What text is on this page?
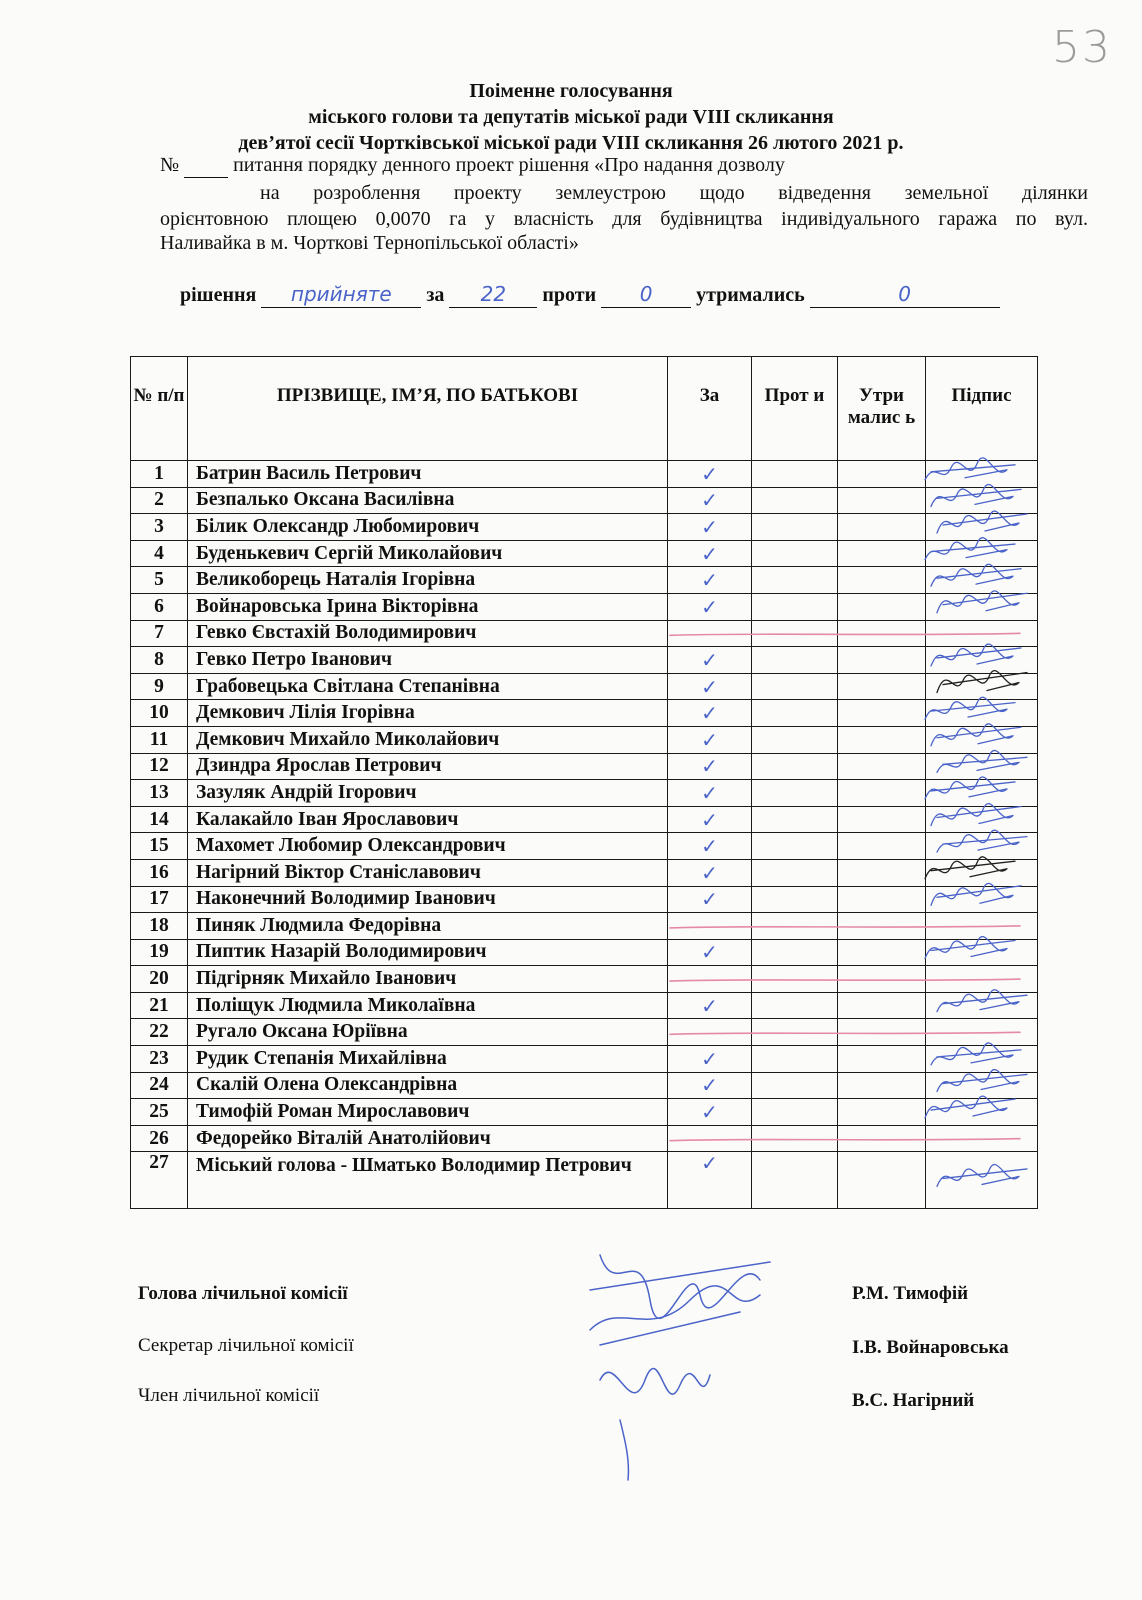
53
Поіменне голосування
міського голови та депутатів міської ради VIII скликання
дев’ятої сесії Чортківської міської ради VIII скликання 26 лютого 2021 р.
№	питання порядку денного проект рішення «Про надання дозволу
на розроблення проекту землеустрою щодо відведення земельної ділянки
орієнтовною площею 0,0070 га у власність для будівництва індивідуального гаража по вул.
Наливайка в м. Чорткові Тернопільської області»
рішення прийняте за 22 проти 0 утримались	0
№ п/п	ПРІЗВИЩЕ, ІМ’Я, ПО БАТЬКОВІ	За	Прот и	Утри малис ь	Підпис
1	Батрин Василь Петрович	✓			
2	Безпалько Оксана Василівна	✓			
3	Білик Олександр Любомирович	✓			
4	Буденькевич Сергій Миколайович	✓			
5	Великоборець Наталія Ігорівна	✓			
6	Войнаровська Ірина Вікторівна	✓			
7	Гевко Євстахій Володимирович				
8	Гевко Петро Іванович	✓			
9	Грабовецька Світлана Степанівна	✓			
10	Демкович Лілія Ігорівна	✓			
11	Демкович Михайло Миколайович	✓			
12	Дзиндра Ярослав Петрович	✓			
13	Зазуляк Андрій Ігорович	✓			
14	Калакайло Іван Ярославович	✓			
15	Махомет Любомир Олександрович	✓			
16	Нагірний Віктор Станіславович	✓			
17	Наконечний Володимир Іванович	✓			
18	Пиняк Людмила Федорівна				
19	Пиптик Назарій Володимирович	✓			
20	Підгірняк Михайло Іванович				
21	Поліщук Людмила Миколаївна	✓			
22	Ругало Оксана Юріївна				
23	Рудик Степанія Михайлівна	✓			
24	Скалій Олена Олександрівна	✓			
25	Тимофій Роман Мирославович	✓			
26	Федорейко Віталій Анатолійович				
27	Міський голова - Шматько Володимир Петрович	✓			
Голова лічильної комісії	Р.М. Тимофій
Секретар лічильної комісії	І.В. Войнаровська
Член лічильної комісії	В.С. Нагірний
